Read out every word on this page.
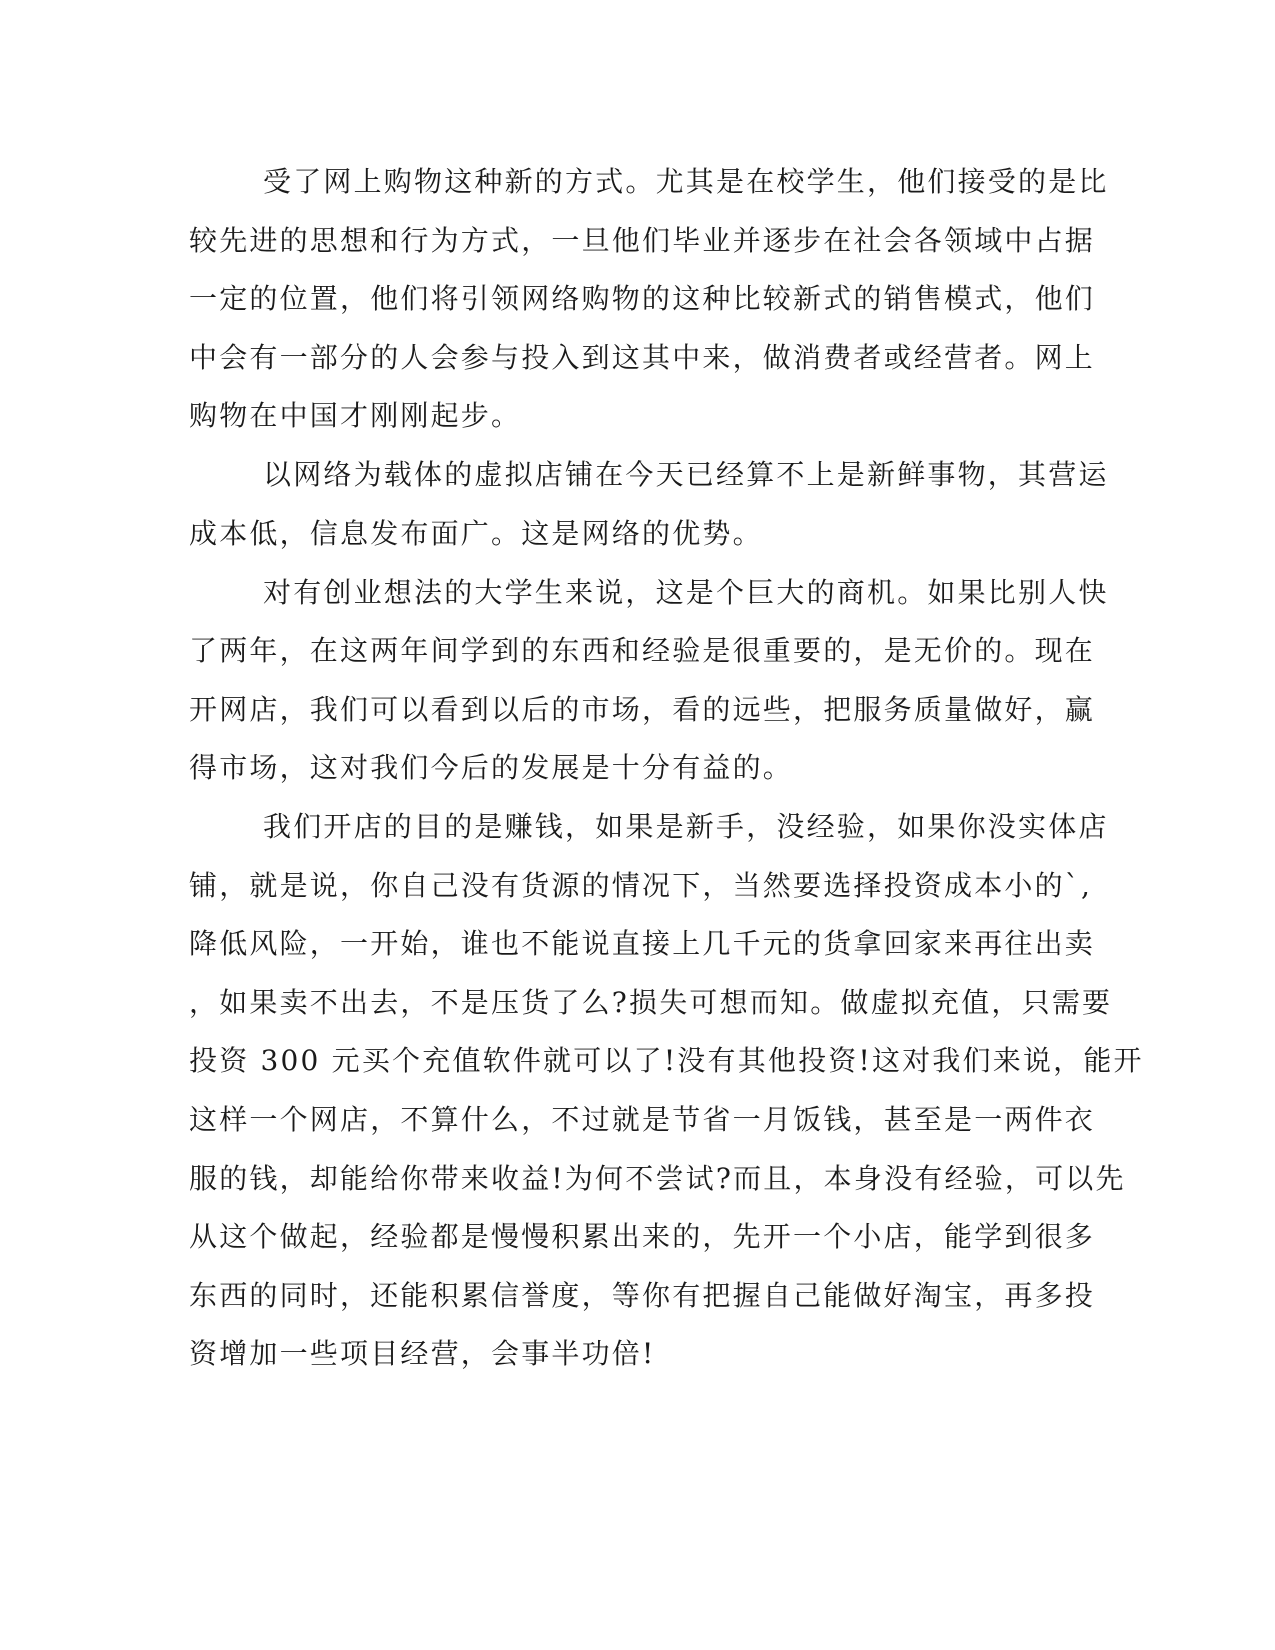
受了网上购物这种新的方式。尤其是在校学生，他们接受的是比
较先进的思想和行为方式，一旦他们毕业并逐步在社会各领域中占据
一定的位置，他们将引领网络购物的这种比较新式的销售模式，他们
中会有一部分的人会参与投入到这其中来，做消费者或经营者。网上
购物在中国才刚刚起步。
以网络为载体的虚拟店铺在今天已经算不上是新鲜事物，其营运
成本低，信息发布面广。这是网络的优势。
对有创业想法的大学生来说，这是个巨大的商机。如果比别人快
了两年，在这两年间学到的东西和经验是很重要的，是无价的。现在
开网店，我们可以看到以后的市场，看的远些，把服务质量做好，赢
得市场，这对我们今后的发展是十分有益的。
我们开店的目的是赚钱，如果是新手，没经验，如果你没实体店
铺，就是说，你自己没有货源的情况下，当然要选择投资成本小的`,
降低风险，一开始，谁也不能说直接上几千元的货拿回家来再往出卖
，如果卖不出去，不是压货了么?损失可想而知。做虚拟充值，只需要
投资 300 元买个充值软件就可以了!没有其他投资!这对我们来说，能开
这样一个网店，不算什么，不过就是节省一月饭钱，甚至是一两件衣
服的钱，却能给你带来收益!为何不尝试?而且，本身没有经验，可以先
从这个做起，经验都是慢慢积累出来的，先开一个小店，能学到很多
东西的同时，还能积累信誉度，等你有把握自己能做好淘宝，再多投
资增加一些项目经营，会事半功倍!
